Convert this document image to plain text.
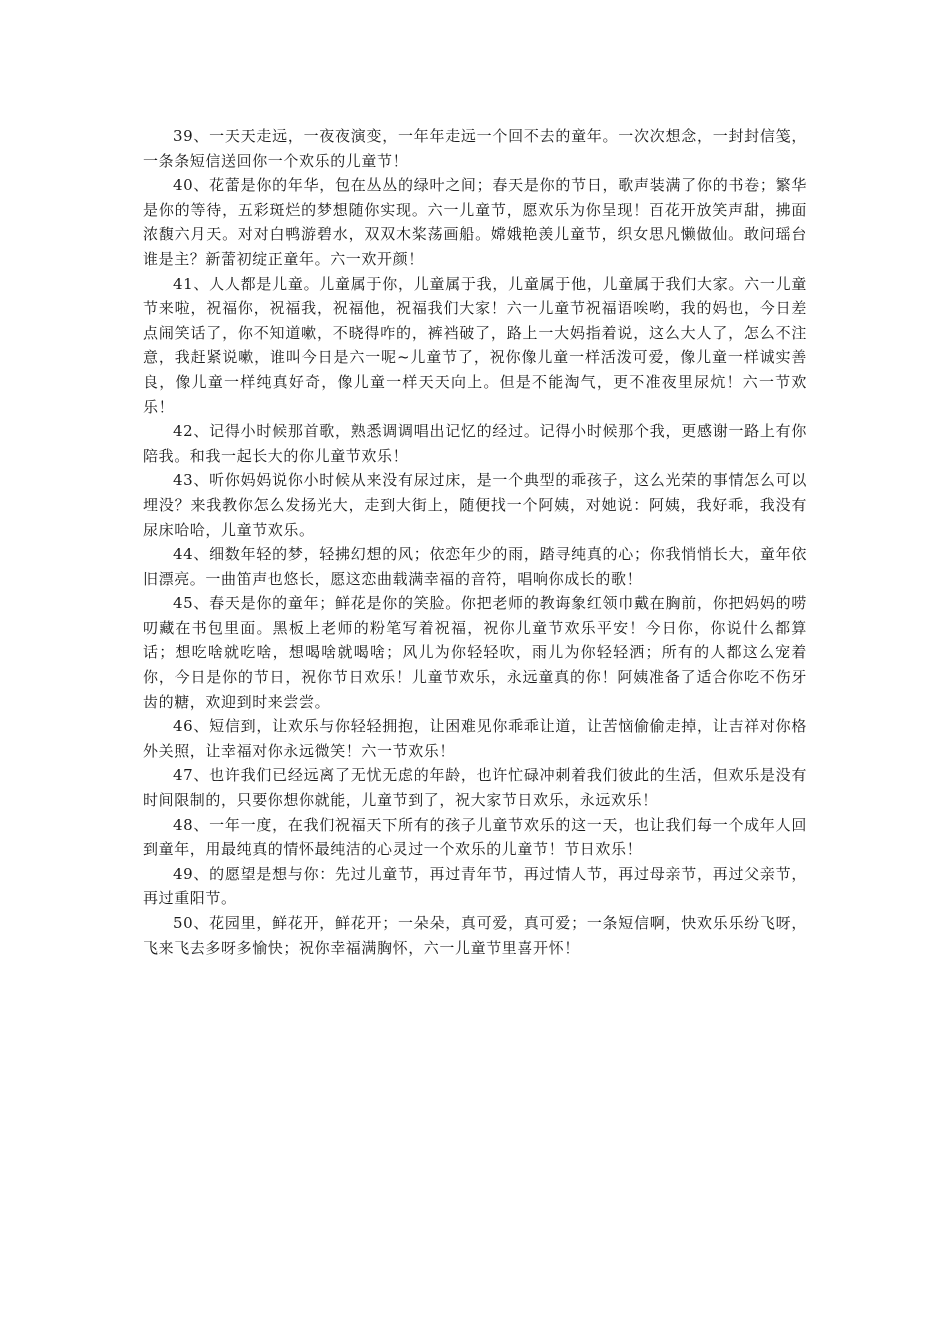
39、一天天走远，一夜夜演变，一年年走远一个回不去的童年。一次次想念，一封封信笺，一条条短信送回你一个欢乐的儿童节！

40、花蕾是你的年华，包在丛丛的绿叶之间；春天是你的节日，歌声装满了你的书卷；繁华是你的等待，五彩斑烂的梦想随你实现。六一儿童节，愿欢乐为你呈现！百花开放笑声甜，拂面浓馥六月天。对对白鸭游碧水，双双木桨荡画船。嫦娥艳羡儿童节，织女思凡懒做仙。敢问瑶台谁是主？新蕾初绽正童年。六一欢开颜！

41、人人都是儿童。儿童属于你，儿童属于我，儿童属于他，儿童属于我们大家。六一儿童节来啦，祝福你，祝福我，祝福他，祝福我们大家！六一儿童节祝福语唉哟，我的妈也，今日差点闹笑话了，你不知道嗽，不晓得咋的，裤裆破了，路上一大妈指着说，这么大人了，怎么不注意，我赶紧说嗽，谁叫今日是六一呢~儿童节了，祝你像儿童一样活泼可爱，像儿童一样诚实善良，像儿童一样纯真好奇，像儿童一样天天向上。但是不能淘气，更不准夜里尿炕！六一节欢乐！

42、记得小时候那首歌，熟悉调调唱出记忆的经过。记得小时候那个我，更感谢一路上有你陪我。和我一起长大的你儿童节欢乐！

43、听你妈妈说你小时候从来没有尿过床，是一个典型的乖孩子，这么光荣的事情怎么可以埋没？来我教你怎么发扬光大，走到大街上，随便找一个阿姨，对她说：阿姨，我好乖，我没有尿床哈哈，儿童节欢乐。

44、细数年轻的梦，轻拂幻想的风；依恋年少的雨，踏寻纯真的心；你我悄悄长大，童年依旧漂亮。一曲笛声也悠长，愿这恋曲载满幸福的音符，唱响你成长的歌！

45、春天是你的童年；鲜花是你的笑脸。你把老师的教诲象红领巾戴在胸前，你把妈妈的唠叨藏在书包里面。黑板上老师的粉笔写着祝福，祝你儿童节欢乐平安！今日你，你说什么都算话；想吃啥就吃啥，想喝啥就喝啥；风儿为你轻轻吹，雨儿为你轻轻洒；所有的人都这么宠着你，今日是你的节日，祝你节日欢乐！儿童节欢乐，永远童真的你！阿姨准备了适合你吃不伤牙齿的糖，欢迎到时来尝尝。

46、短信到，让欢乐与你轻轻拥抱，让困难见你乖乖让道，让苦恼偷偷走掉，让吉祥对你格外关照，让幸福对你永远微笑！六一节欢乐！

47、也许我们已经远离了无忧无虑的年龄，也许忙碌冲刺着我们彼此的生活，但欢乐是没有时间限制的，只要你想你就能，儿童节到了，祝大家节日欢乐，永远欢乐！

48、一年一度，在我们祝福天下所有的孩子儿童节欢乐的这一天，也让我们每一个成年人回到童年，用最纯真的情怀最纯洁的心灵过一个欢乐的儿童节！节日欢乐！

49、的愿望是想与你：先过儿童节，再过青年节，再过情人节，再过母亲节，再过父亲节，再过重阳节。

50、花园里，鲜花开，鲜花开；一朵朵，真可爱，真可爱；一条短信啊，快欢乐乐纷飞呀，飞来飞去多呀多愉快；祝你幸福满胸怀，六一儿童节里喜开怀！
